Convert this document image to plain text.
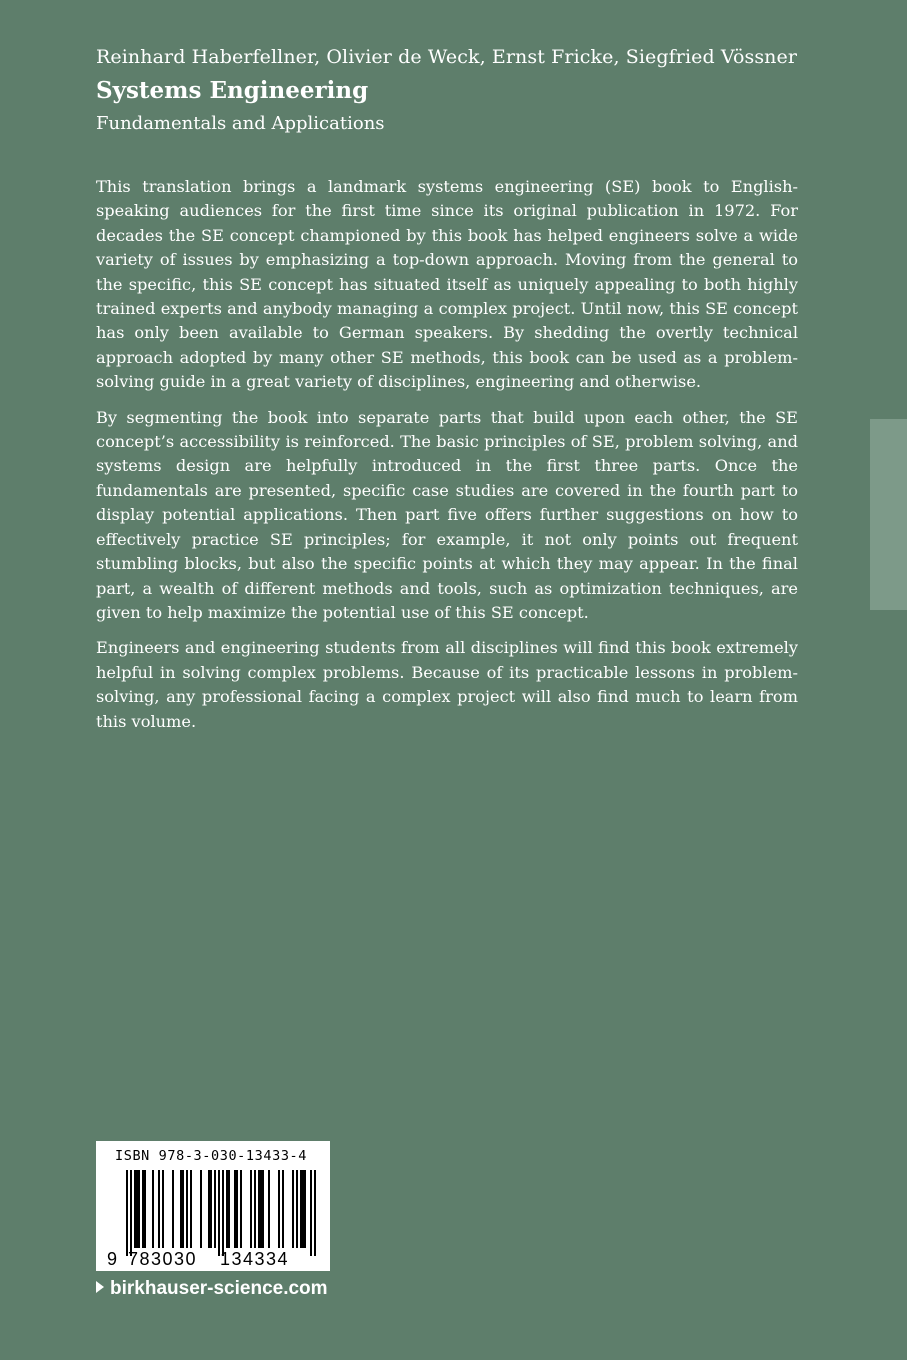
Reinhard Haberfellner, Olivier de Weck, Ernst Fricke, Siegfried Vössner
Systems Engineering
Fundamentals and Applications

This translation brings a landmark systems engineering (SE) book to English-speaking audiences for the first time since its original publication in 1972. For decades the SE concept championed by this book has helped engineers solve a wide variety of issues by emphasizing a top-down approach. Moving from the general to the specific, this SE concept has situated itself as uniquely appealing to both highly trained experts and anybody managing a complex project. Until now, this SE concept has only been available to German speakers. By shedding the overtly technical approach adopted by many other SE methods, this book can be used as a problem-solving guide in a great variety of disciplines, engineering and otherwise.

By segmenting the book into separate parts that build upon each other, the SE concept’s accessibility is reinforced. The basic principles of SE, problem solving, and systems design are helpfully introduced in the first three parts. Once the fundamentals are presented, specific case studies are covered in the fourth part to display potential applications. Then part five offers further suggestions on how to effectively practice SE principles; for example, it not only points out frequent stumbling blocks, but also the specific points at which they may appear. In the final part, a wealth of different methods and tools, such as optimization techniques, are given to help maximize the potential use of this SE concept.

Engineers and engineering students from all disciplines will find this book extremely helpful in solving complex problems. Because of its practicable lessons in problem-solving, any professional facing a complex project will also find much to learn from this volume.

ISBN 978-3-030-13433-4
9 783030 134334
birkhauser-science.com
